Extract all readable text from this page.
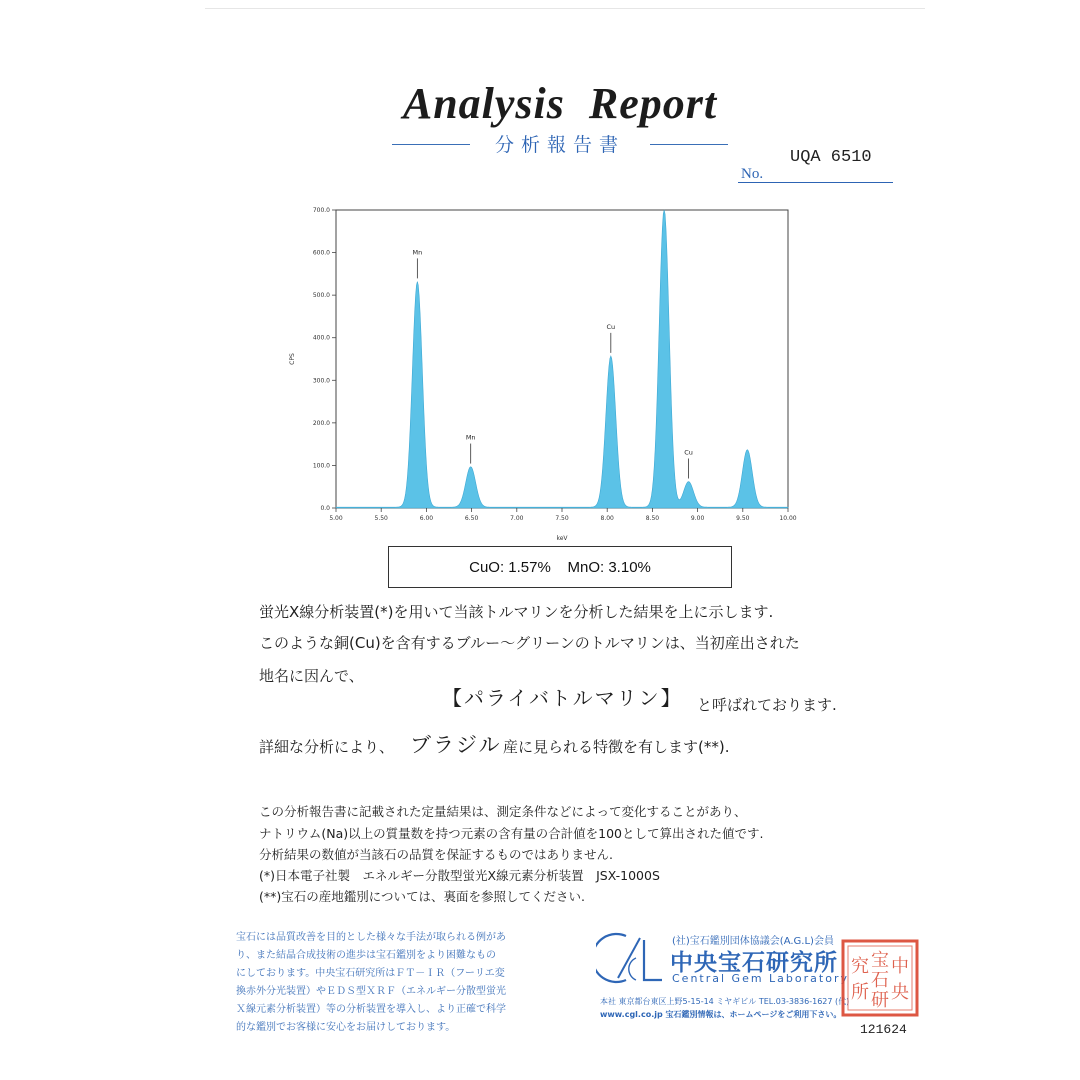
Analysis  Report
分析報告書
UQA 6510
No.
0.0
100.0
200.0
300.0
400.0
500.0
600.0
700.0
5.00	5.50	6.00	6.50	7.00	7.50	8.00	8.50	9.00	9.50	10.00
Mn
Mn
Cu
Cu
CPS
keV
CuO: 1.57%
MnO: 3.10%
蛍光X線分析装置(*)を用いて当該トルマリンを分析した結果を上に示します.
このような銅(Cu)を含有するブルー～グリーンのトルマリンは、当初産出された
地名に因んで、
【パライバトルマリン】 と呼ばれております.
詳細な分析により、 ブラジル 産に見られる特徴を有します(**).
この分析報告書に記載された定量結果は、測定条件などによって変化することがあり、
ナトリウム(Na)以上の質量数を持つ元素の含有量の合計値を100として算出された値です.
分析結果の数値が当該石の品質を保証するものではありません.
(*)日本電子社製　エネルギー分散型蛍光X線元素分析装置　JSX-1000S
(**)宝石の産地鑑別については、裏面を参照してください.
宝石には品質改善を目的とした様々な手法が取られる例があ
り、また結晶合成技術の進歩は宝石鑑別をより困難なもの
にしております。中央宝石研究所はＦＴ－ＩＲ（フーリエ変
換赤外分光装置）やＥＤＳ型ＸＲＦ（エネルギー分散型蛍光
Ｘ線元素分析装置）等の分析装置を導入し、より正確で科学
的な鑑別でお客様に安心をお届けしております。
(社)宝石鑑別団体協議会(A.G.L)会員
中央宝石研究所
Central Gem Laboratory
本社 東京都台東区上野5-15-14 ミヤギビル TEL.03-3836-1627 (代)
www.cgl.co.jp 宝石鑑別情報は、ホームページをご利用下さい。
中
央
宝
石
研
究
所
121624
